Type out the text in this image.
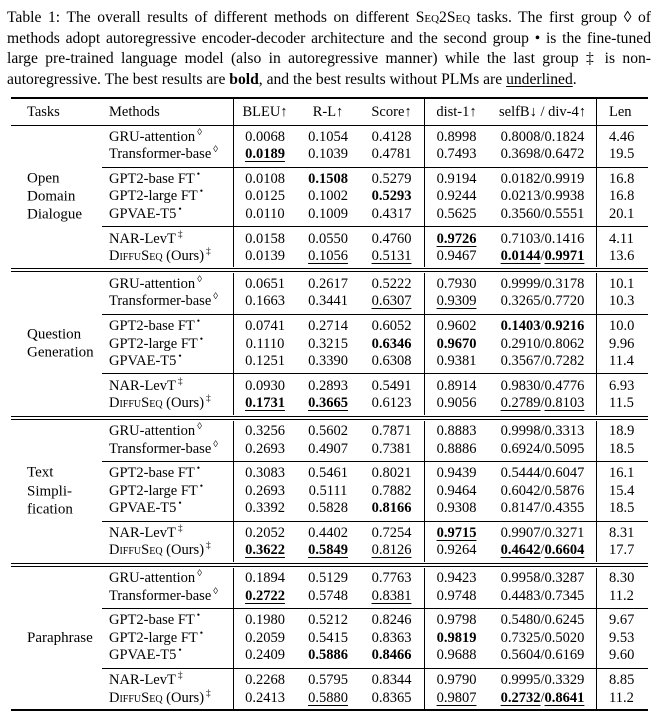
Table 1: The overall results of different methods on different Seq2Seq tasks. The first group ◊ of methods adopt autoregressive encoder-decoder architecture and the second group • is the fine-tuned large pre-trained language model (also in autoregressive manner) while the last group ‡ is non-autoregressive. The best results are bold, and the best results without PLMs are underlined.
Tasks	Methods	BLEU↑	R-L↑	Score↑	dist-1↑	selfB↓ / div-4↑	Len
Open
Domain
Dialogue
GRU-attention ◊	0.0068	0.1054	0.4128	0.8998	0.8008/0.1824	4.46
Transformer-base ◊	0.0189	0.1039	0.4781	0.7493	0.3698/0.6472	19.5
GPT2-base FT •	0.0108	0.1508	0.5279	0.9194	0.0182/0.9919	16.8
GPT2-large FT •	0.0125	0.1002	0.5293	0.9244	0.0213/0.9938	16.8
GPVAE-T5 •	0.0110	0.1009	0.4317	0.5625	0.3560/0.5551	20.1
NAR-LevT ‡	0.0158	0.0550	0.4760	0.9726	0.7103/0.1416	4.11
DiffuSeq (Ours) ‡	0.0139	0.1056	0.5131	0.9467	0.0144/0.9971	13.6
Question
Generation
GRU-attention ◊	0.0651	0.2617	0.5222	0.7930	0.9999/0.3178	10.1
Transformer-base ◊	0.1663	0.3441	0.6307	0.9309	0.3265/0.7720	10.3
GPT2-base FT •	0.0741	0.2714	0.6052	0.9602	0.1403/0.9216	10.0
GPT2-large FT •	0.1110	0.3215	0.6346	0.9670	0.2910/0.8062	9.96
GPVAE-T5 •	0.1251	0.3390	0.6308	0.9381	0.3567/0.7282	11.4
NAR-LevT ‡	0.0930	0.2893	0.5491	0.8914	0.9830/0.4776	6.93
DiffuSeq (Ours) ‡	0.1731	0.3665	0.6123	0.9056	0.2789/0.8103	11.5
Text
Simpli-
fication
GRU-attention ◊	0.3256	0.5602	0.7871	0.8883	0.9998/0.3313	18.9
Transformer-base ◊	0.2693	0.4907	0.7381	0.8886	0.6924/0.5095	18.5
GPT2-base FT •	0.3083	0.5461	0.8021	0.9439	0.5444/0.6047	16.1
GPT2-large FT •	0.2693	0.5111	0.7882	0.9464	0.6042/0.5876	15.4
GPVAE-T5 •	0.3392	0.5828	0.8166	0.9308	0.8147/0.4355	18.5
NAR-LevT ‡	0.2052	0.4402	0.7254	0.9715	0.9907/0.3271	8.31
DiffuSeq (Ours) ‡	0.3622	0.5849	0.8126	0.9264	0.4642/0.6604	17.7
Paraphrase
GRU-attention ◊	0.1894	0.5129	0.7763	0.9423	0.9958/0.3287	8.30
Transformer-base ◊	0.2722	0.5748	0.8381	0.9748	0.4483/0.7345	11.2
GPT2-base FT •	0.1980	0.5212	0.8246	0.9798	0.5480/0.6245	9.67
GPT2-large FT •	0.2059	0.5415	0.8363	0.9819	0.7325/0.5020	9.53
GPVAE-T5 •	0.2409	0.5886	0.8466	0.9688	0.5604/0.6169	9.60
NAR-LevT ‡	0.2268	0.5795	0.8344	0.9790	0.9995/0.3329	8.85
DiffuSeq (Ours) ‡	0.2413	0.5880	0.8365	0.9807	0.2732/0.8641	11.2
